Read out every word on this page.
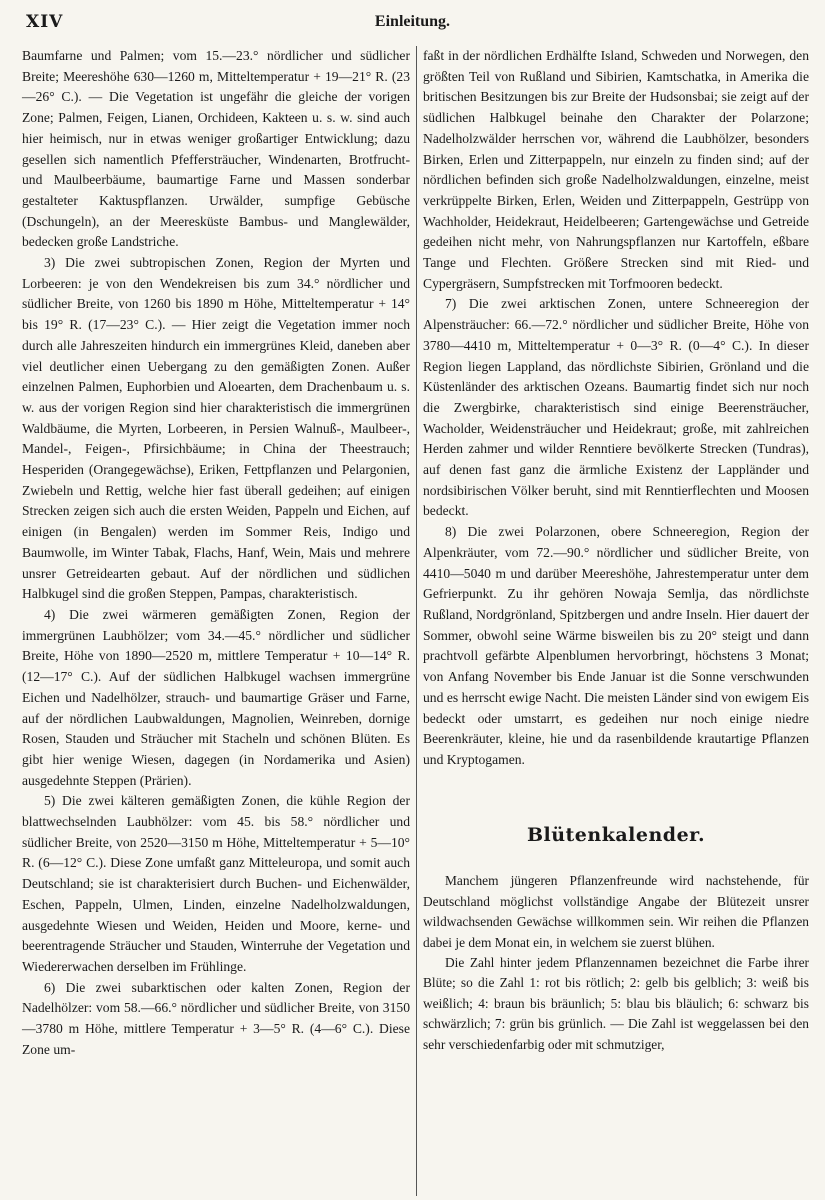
XIV	Einleitung.

Baumfarne und Palmen; vom 15.—23.° nördlicher und südlicher Breite; Meereshöhe 630—1260 m, Mitteltemperatur + 19—21° R. (23—26° C.). — Die Vegetation ist ungefähr die gleiche der vorigen Zone; Palmen, Feigen, Lianen, Orchideen, Kakteen u. s. w. sind auch hier heimisch, nur in etwas weniger großartiger Entwicklung; dazu gesellen sich namentlich Pfeffersträucher, Windenarten, Brotfrucht- und Maulbeerbäume, baumartige Farne und Massen sonderbar gestalteter Kaktuspflanzen. Urwälder, sumpfige Gebüsche (Dschungeln), an der Meeresküste Bambus- und Manglewälder, bedecken große Landstriche.

3) Die zwei subtropischen Zonen, Region der Myrten und Lorbeeren: je von den Wendekreisen bis zum 34.° nördlicher und südlicher Breite, von 1260 bis 1890 m Höhe, Mitteltemperatur + 14° bis 19° R. (17—23° C.). — Hier zeigt die Vegetation immer noch durch alle Jahreszeiten hindurch ein immergrünes Kleid, daneben aber viel deutlicher einen Uebergang zu den gemäßigten Zonen. Außer einzelnen Palmen, Euphorbien und Aloearten, dem Drachenbaum u. s. w. aus der vorigen Region sind hier charakteristisch die immergrünen Waldbäume, die Myrten, Lorbeeren, in Persien Walnuß-, Maulbeer-, Mandel-, Feigen-, Pfirsichbäume; in China der Theestrauch; Hesperiden (Orangegewächse), Eriken, Fettpflanzen und Pelargonien, Zwiebeln und Rettig, welche hier fast überall gedeihen; auf einigen Strecken zeigen sich auch die ersten Weiden, Pappeln und Eichen, auf einigen (in Bengalen) werden im Sommer Reis, Indigo und Baumwolle, im Winter Tabak, Flachs, Hanf, Wein, Mais und mehrere unsrer Getreidearten gebaut. Auf der nördlichen und südlichen Halbkugel sind die großen Steppen, Pampas, charakteristisch.

4) Die zwei wärmeren gemäßigten Zonen, Region der immergrünen Laubhölzer; vom 34.—45.° nördlicher und südlicher Breite, Höhe von 1890—2520 m, mittlere Temperatur + 10—14° R. (12—17° C.). Auf der südlichen Halbkugel wachsen immergrüne Eichen und Nadelhölzer, strauch- und baumartige Gräser und Farne, auf der nördlichen Laubwaldungen, Magnolien, Weinreben, dornige Rosen, Stauden und Sträucher mit Stacheln und schönen Blüten. Es gibt hier wenige Wiesen, dagegen (in Nordamerika und Asien) ausgedehnte Steppen (Prärien).

5) Die zwei kälteren gemäßigten Zonen, die kühle Region der blattwechselnden Laubhölzer: vom 45. bis 58.° nördlicher und südlicher Breite, von 2520—3150 m Höhe, Mitteltemperatur + 5—10° R. (6—12° C.). Diese Zone umfaßt ganz Mitteleuropa, und somit auch Deutschland; sie ist charakterisiert durch Buchen- und Eichenwälder, Eschen, Pappeln, Ulmen, Linden, einzelne Nadelholzwaldungen, ausgedehnte Wiesen und Weiden, Heiden und Moore, kerne- und beerentragende Sträucher und Stauden, Winterruhe der Vegetation und Wiedererwachen derselben im Frühlinge.

6) Die zwei subarktischen oder kalten Zonen, Region der Nadelhölzer: vom 58.—66.° nördlicher und südlicher Breite, von 3150—3780 m Höhe, mittlere Temperatur + 3—5° R. (4—6° C.). Diese Zone um-

faßt in der nördlichen Erdhälfte Island, Schweden und Norwegen, den größten Teil von Rußland und Sibirien, Kamtschatka, in Amerika die britischen Besitzungen bis zur Breite der Hudsonsbai; sie zeigt auf der südlichen Halbkugel beinahe den Charakter der Polarzone; Nadelholzwälder herrschen vor, während die Laubhölzer, besonders Birken, Erlen und Zitterpappeln, nur einzeln zu finden sind; auf der nördlichen befinden sich große Nadelholzwaldungen, einzelne, meist verkrüppelte Birken, Erlen, Weiden und Zitterpappeln, Gestrüpp von Wachholder, Heidekraut, Heidelbeeren; Gartengewächse und Getreide gedeihen nicht mehr, von Nahrungspflanzen nur Kartoffeln, eßbare Tange und Flechten. Größere Strecken sind mit Ried- und Cypergräsern, Sumpfstrecken mit Torfmooren bedeckt.

7) Die zwei arktischen Zonen, untere Schneeregion der Alpensträucher: 66.—72.° nördlicher und südlicher Breite, Höhe von 3780—4410 m, Mitteltemperatur + 0—3° R. (0—4° C.). In dieser Region liegen Lappland, das nördlichste Sibirien, Grönland und die Küstenländer des arktischen Ozeans. Baumartig findet sich nur noch die Zwergbirke, charakteristisch sind einige Beerensträucher, Wacholder, Weidensträucher und Heidekraut; große, mit zahlreichen Herden zahmer und wilder Renntiere bevölkerte Strecken (Tundras), auf denen fast ganz die ärmliche Existenz der Lappländer und nordsibirischen Völker beruht, sind mit Renntierflechten und Moosen bedeckt.

8) Die zwei Polarzonen, obere Schneeregion, Region der Alpenkräuter, vom 72.—90.° nördlicher und südlicher Breite, von 4410—5040 m und darüber Meereshöhe, Jahrestemperatur unter dem Gefrierpunkt. Zu ihr gehören Nowaja Semlja, das nördlichste Rußland, Nordgrönland, Spitzbergen und andre Inseln. Hier dauert der Sommer, obwohl seine Wärme bisweilen bis zu 20° steigt und dann prachtvoll gefärbte Alpenblumen hervorbringt, höchstens 3 Monat; von Anfang November bis Ende Januar ist die Sonne verschwunden und es herrscht ewige Nacht. Die meisten Länder sind von ewigem Eis bedeckt oder umstarrt, es gedeihen nur noch einige niedre Beerenkräuter, kleine, hie und da rasenbildende krautartige Pflanzen und Kryptogamen.

Blütenkalender.

Manchem jüngeren Pflanzenfreunde wird nachstehende, für Deutschland möglichst vollständige Angabe der Blütezeit unsrer wildwachsenden Gewächse willkommen sein. Wir reihen die Pflanzen dabei je dem Monat ein, in welchem sie zuerst blühen.

Die Zahl hinter jedem Pflanzennamen bezeichnet die Farbe ihrer Blüte; so die Zahl 1: rot bis rötlich; 2: gelb bis gelblich; 3: weiß bis weißlich; 4: braun bis bräunlich; 5: blau bis bläulich; 6: schwarz bis schwärzlich; 7: grün bis grünlich. — Die Zahl ist weggelassen bei den sehr verschiedenfarbig oder mit schmutziger,
